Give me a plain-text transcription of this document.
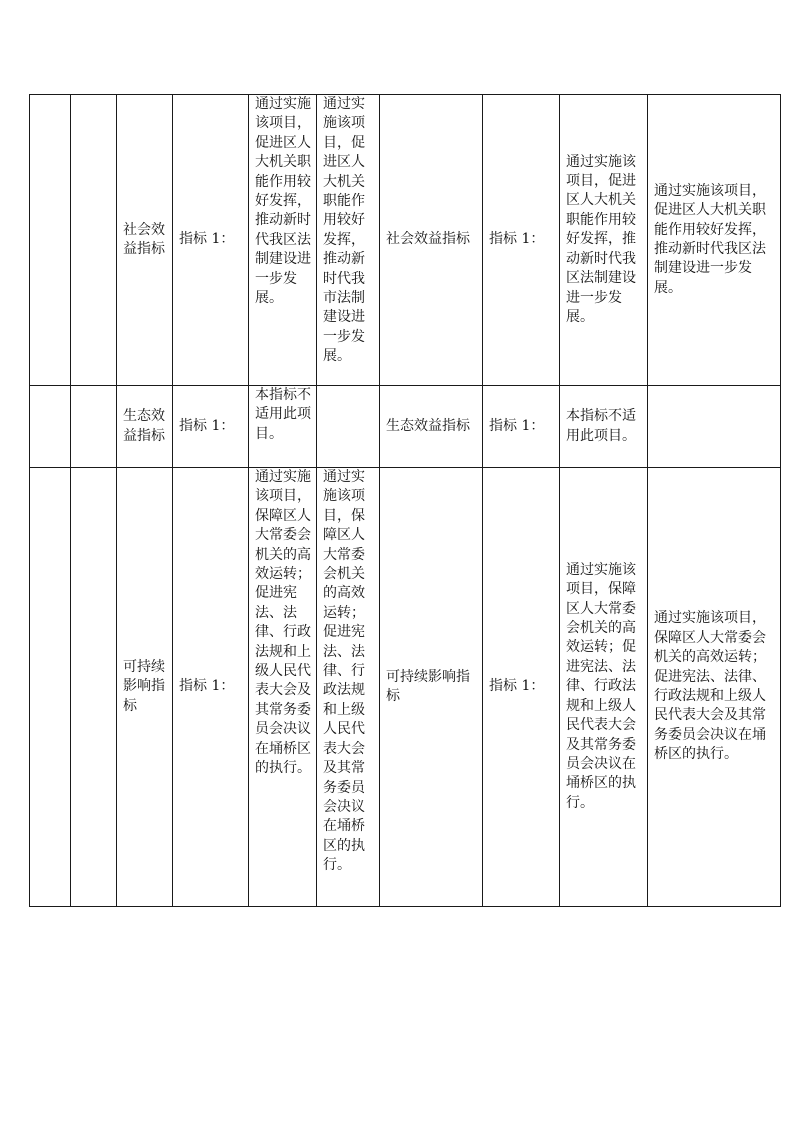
		社会效益指标	指标 1：	通过实施该项目，促进区人大机关职能作用较好发挥，推动新时代我区法制建设进一步发展。	通过实施该项目，促进区人大机关职能作用较好发挥，推动新时代我市法制建设进一步发展。	社会效益指标	指标 1：	通过实施该项目，促进区人大机关职能作用较好发挥，推动新时代我区法制建设进一步发展。	通过实施该项目，促进区人大机关职能作用较好发挥，推动新时代我区法制建设进一步发展。
		生态效益指标	指标 1：	本指标不适用此项目。		生态效益指标	指标 1：	本指标不适用此项目。	
		可持续影响指标	指标 1：	通过实施该项目，保障区人大常委会机关的高效运转；促进宪法、法律、行政法规和上级人民代表大会及其常务委员会决议在埇桥区的执行。	通过实施该项目，保障区人大常委会机关的高效运转；促进宪法、法律、行政法规和上级人民代表大会及其常务委员会决议在埇桥区的执行。	可持续影响指标	指标 1：	通过实施该项目，保障区人大常委会机关的高效运转；促进宪法、法律、行政法规和上级人民代表大会及其常务委员会决议在埇桥区的执行。	通过实施该项目，保障区人大常委会机关的高效运转；促进宪法、法律、行政法规和上级人民代表大会及其常务委员会决议在埇桥区的执行。
